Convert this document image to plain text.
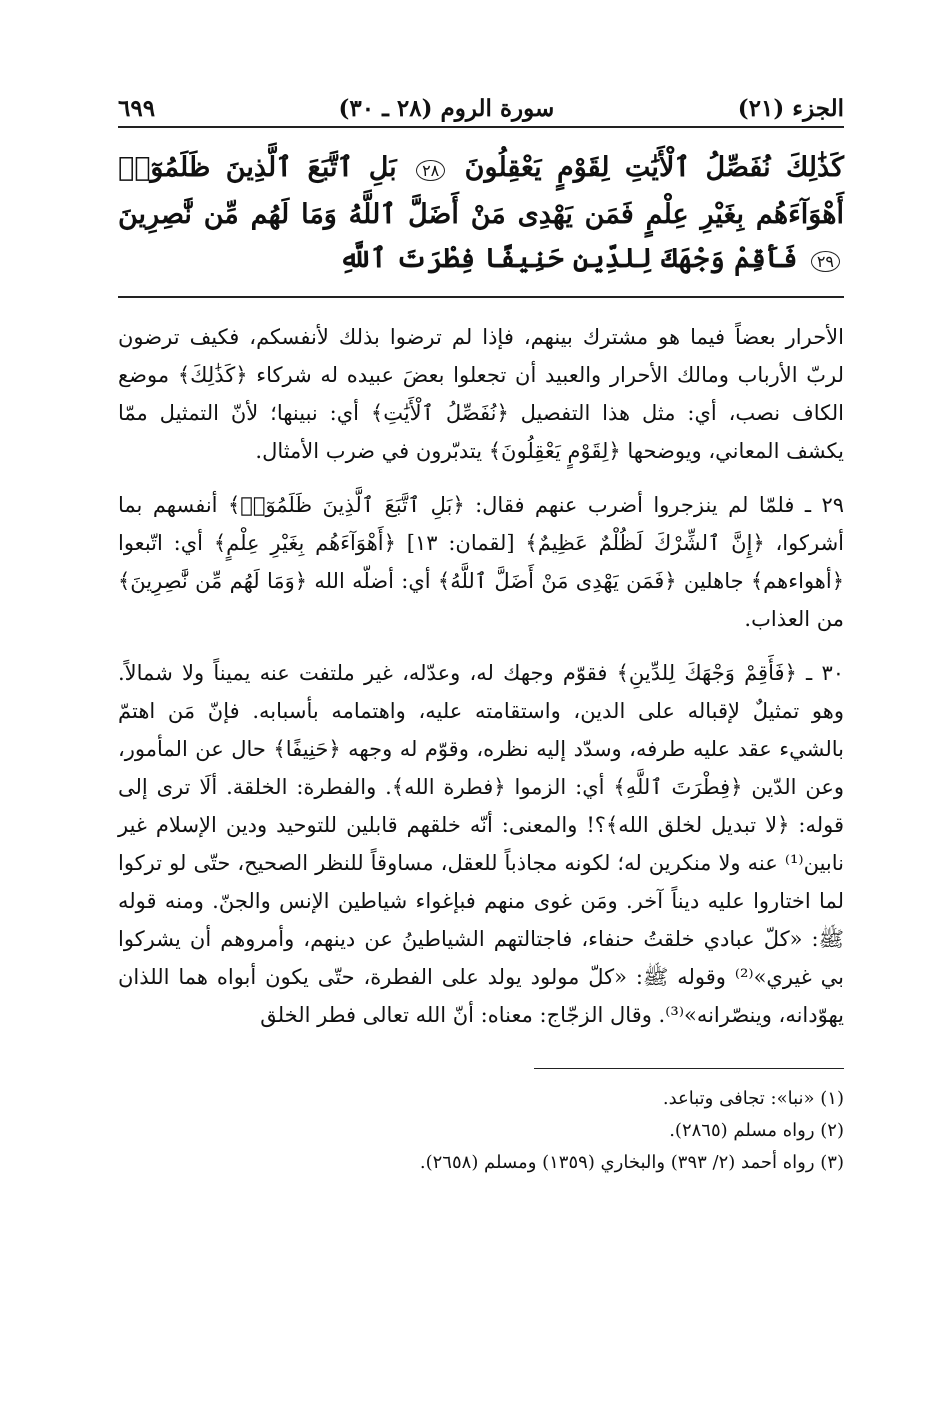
الجزء (٢١)
سورة الروم (٢٨ ـ ٣٠)
٦٩٩
كَذَٰلِكَ نُفَصِّلُ ٱلْأَيَٰتِ لِقَوْمٍ يَعْقِلُونَ ٢٨ بَلِ ٱتَّبَعَ ٱلَّذِينَ ظَلَمُوٓا۟ أَهْوَآءَهُم بِغَيْرِ عِلْمٍ فَمَن يَهْدِى مَنْ أَضَلَّ ٱللَّهُ وَمَا لَهُم مِّن نَّٰصِرِينَ ٢٩ فَأَقِمْ وَجْهَكَ لِلدِّينِ حَنِيفًا فِطْرَتَ ٱللَّهِ

الأحرار بعضاً فيما هو مشترك بينهم، فإذا لم ترضوا بذلك لأنفسكم، فكيف ترضون لربّ الأرباب ومالك الأحرار والعبيد أن تجعلوا بعضَ عبيده له شركاء ﴿كَذَٰلِكَ﴾ موضع الكاف نصب، أي: مثل هذا التفصيل ﴿نُفَصِّلُ ٱلْأَيَٰتِ﴾ أي: نبينها؛ لأنّ التمثيل ممّا يكشف المعاني، ويوضحها ﴿لِقَوْمٍ يَعْقِلُونَ﴾ يتدبّرون في ضرب الأمثال.

٢٩ ـ فلمّا لم ينزجروا أضرب عنهم فقال: ﴿بَلِ ٱتَّبَعَ ٱلَّذِينَ ظَلَمُوٓا۟﴾ أنفسهم بما أشركوا، ﴿إِنَّ ٱلشِّرْكَ لَظُلْمٌ عَظِيمٌ﴾ [لقمان: ١٣] ﴿أَهْوَآءَهُم بِغَيْرِ عِلْمٍ﴾ أي: اتّبعوا ﴿أهواءهم﴾ جاهلين ﴿فَمَن يَهْدِى مَنْ أَضَلَّ ٱللَّهُ﴾ أي: أضلّه الله ﴿وَمَا لَهُم مِّن نَّٰصِرِينَ﴾ من العذاب.

٣٠ ـ ﴿فَأَقِمْ وَجْهَكَ لِلدِّينِ﴾ فقوّم وجهك له، وعدّله، غير ملتفت عنه يميناً ولا شمالاً. وهو تمثيلٌ لإقباله على الدين، واستقامته عليه، واهتمامه بأسبابه. فإنّ مَن اهتمّ بالشيء عقد عليه طرفه، وسدّد إليه نظره، وقوّم له وجهه ﴿حَنِيفًا﴾ حال عن المأمور، وعن الدّين ﴿فِطْرَتَ ٱللَّهِ﴾ أي: الزموا ﴿فطرة الله﴾. والفطرة: الخلقة. ألَا ترى إلى قوله: ﴿لا تبديل لخلق الله﴾؟! والمعنى: أنّه خلقهم قابلين للتوحيد ودين الإسلام غير نابين⁽¹⁾ عنه ولا منكرين له؛ لكونه مجاذباً للعقل، مساوقاً للنظر الصحيح، حتّى لو تركوا لما اختاروا عليه ديناً آخر. ومَن غوى منهم فبإغواء شياطين الإنس والجنّ. ومنه قوله ﷺ: «كلّ عبادي خلقتُ حنفاء، فاجتالتهم الشياطينُ عن دينهم، وأمروهم أن يشركوا بي غيري»⁽²⁾ وقوله ﷺ: «كلّ مولود يولد على الفطرة، حتّى يكون أبواه هما اللذان يهوّدانه، وينصّرانه»⁽³⁾. وقال الزجّاج: معناه: أنّ الله تعالى فطر الخلق

(١) «نبا»: تجافى وتباعد.
(٢) رواه مسلم (٢٨٦٥).
(٣) رواه أحمد (٢/ ٣٩٣) والبخاري (١٣٥٩) ومسلم (٢٦٥٨).
